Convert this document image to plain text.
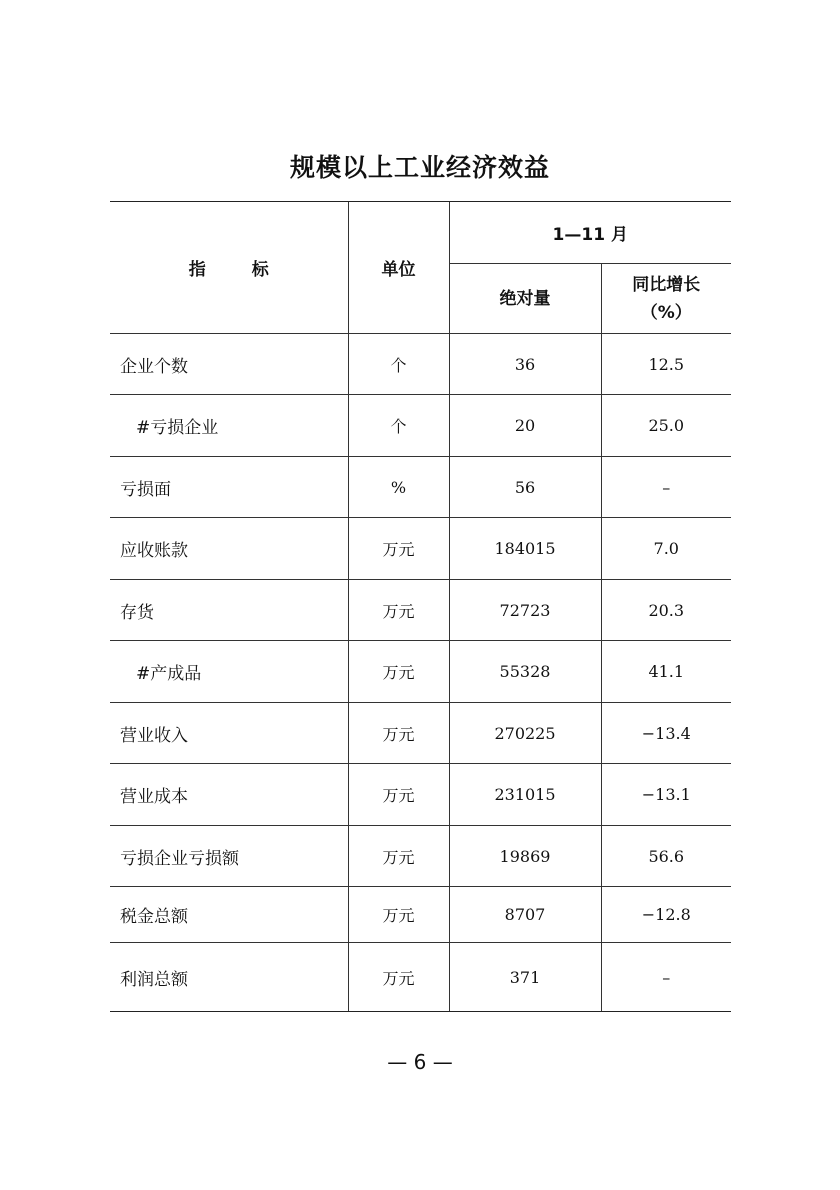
规模以上工业经济效益
指 标	单位	1—11 月	
		绝对量	同比增长
（%）
企业个数	个	36	12.5
#亏损企业	个	20	25.0
亏损面	%	56	–
应收账款	万元	184015	7.0
存货	万元	72723	20.3
#产成品	万元	55328	41.1
营业收入	万元	270225	−13.4
营业成本	万元	231015	−13.1
亏损企业亏损额	万元	19869	56.6
税金总额	万元	8707	−12.8
利润总额	万元	371	–
— 6 —
